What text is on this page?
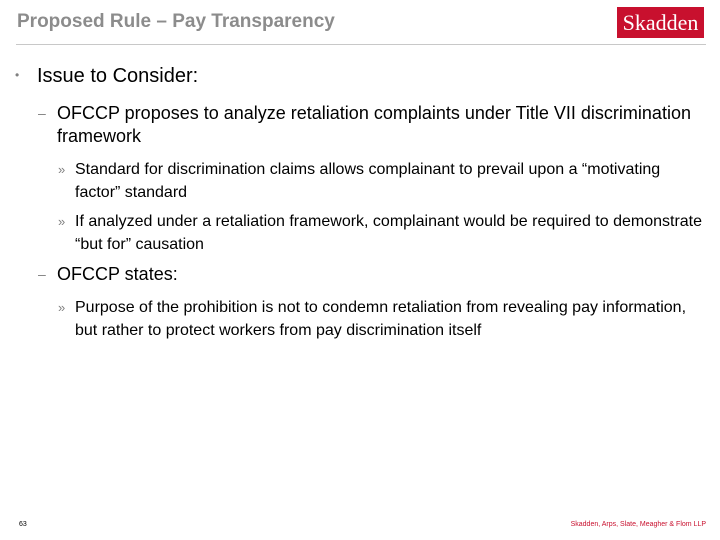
Proposed Rule – Pay Transparency	Skadden
• Issue to Consider:
– OFCCP proposes to analyze retaliation complaints under Title VII discrimination framework
» Standard for discrimination claims allows complainant to prevail upon a “motivating factor” standard
» If analyzed under a retaliation framework, complainant would be required to demonstrate “but for” causation
– OFCCP states:
» Purpose of the prohibition is not to condemn retaliation from revealing pay information, but rather to protect workers from pay discrimination itself
63	Skadden, Arps, Slate, Meagher & Flom LLP
